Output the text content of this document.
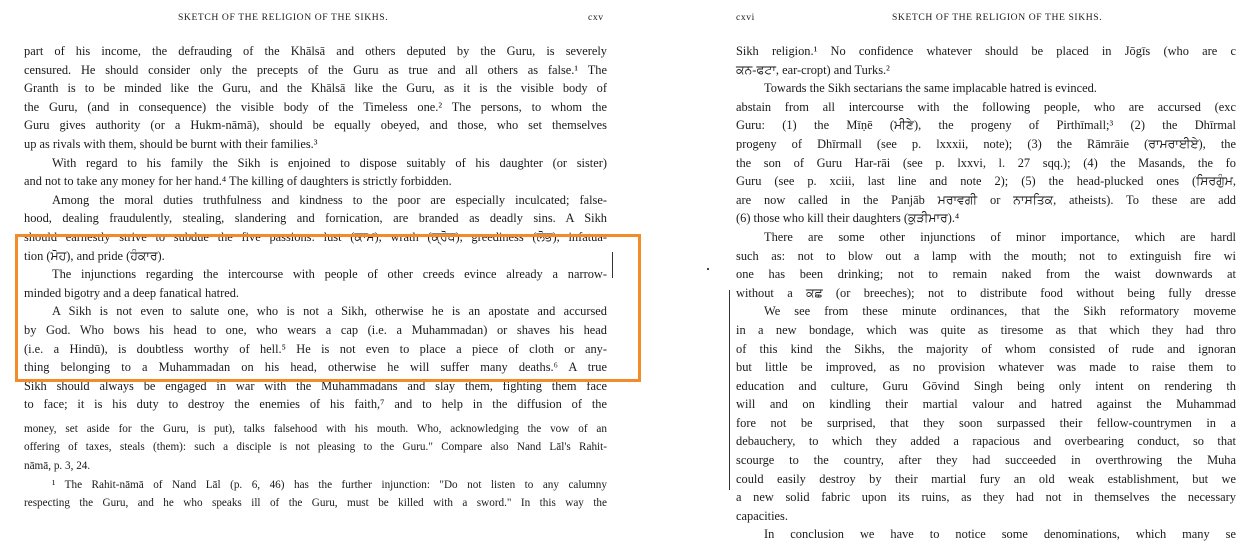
SKETCH OF THE RELIGION OF THE SIKHS.	cxv
part of his income, the defrauding of the Khālsā and others deputed by the Guru, is severely
censured. He should consider only the precepts of the Guru as true and all others as false.¹ The
Granth is to be minded like the Guru, and the Khālsā like the Guru, as it is the visible body of
the Guru, (and in consequence) the visible body of the Timeless one.² The persons, to whom the
Guru gives authority (or a Hukm-nāmā), should be equally obeyed, and those, who set themselves
up as rivals with them, should be burnt with their families.³
With regard to his family the Sikh is enjoined to dispose suitably of his daughter (or sister)
and not to take any money for her hand.⁴ The killing of daughters is strictly forbidden.
Among the moral duties truthfulness and kindness to the poor are especially inculcated; false-
hood, dealing fraudulently, stealing, slandering and fornication, are branded as deadly sins. A Sikh
should earnestly strive to subdue the five passions: lust (ਕਾਮ), wrath (ਕ੍ਰੋਧ), greediness (ਲੋਭ), infatua-
tion (ਮੋਹ), and pride (ਹੰਕਾਰ).
The injunctions regarding the intercourse with people of other creeds evince already a narrow-
minded bigotry and a deep fanatical hatred.
A Sikh is not even to salute one, who is not a Sikh, otherwise he is an apostate and accursed
by God. Who bows his head to one, who wears a cap (i.e. a Muhammadan) or shaves his head
(i.e. a Hindū), is doubtless worthy of hell.⁵ He is not even to place a piece of cloth or any-
thing belonging to a Muhammadan on his head, otherwise he will suffer many deaths.⁶ A true
Sikh should always be engaged in war with the Muhammadans and slay them, fighting them face
to face; it is his duty to destroy the enemies of his faith,⁷ and to help in the diffusion of the
money, set aside for the Guru, is put), talks falsehood with his mouth. Who, acknowledging the vow of an
offering of taxes, steals (them): such a disciple is not pleasing to the Guru." Compare also Nand Lāl's Rahit-
nāmā, p. 3, 24.
¹ The Rahit-nāmā of Nand Lāl (p. 6, 46) has the further injunction: "Do not listen to any calumny
respecting the Guru, and he who speaks ill of the Guru, must be killed with a sword." In this way the
cxvi	SKETCH OF THE RELIGION OF THE SIKHS.
Sikh religion.¹ No confidence whatever should be placed in Jōgīs (who are c
ਕਨ-ਫਟਾ, ear-cropt) and Turks.²
Towards the Sikh sectarians the same implacable hatred is evinced.
abstain from all intercourse with the following people, who are accursed (exc
Guru: (1) the Mīṇē (ਮੀਣੇ), the progeny of Pirthīmall;³ (2) the Dhīrmal
progeny of Dhīrmall (see p. lxxxii, note); (3) the Rāmrāie (ਰਾਮਰਾਈਏ), the
the son of Guru Har-rāi (see p. lxxvi, l. 27 sqq.); (4) the Masands, the fo
Guru (see p. xciii, last line and note 2); (5) the head-plucked ones (ਸਿਰਗੁੰਮ,
are now called in the Panjāb ਮਰਾਵਗੀ or ਨਾਸਤਿਕ, atheists). To these are add
(6) those who kill their daughters (ਕੁੜੀਮਾਰ).⁴
There are some other injunctions of minor importance, which are hardl
such as: not to blow out a lamp with the mouth; not to extinguish fire wi
one has been drinking; not to remain naked from the waist downwards at
without a ਕਛ (or breeches); not to distribute food without being fully dresse
We see from these minute ordinances, that the Sikh reformatory moveme
in a new bondage, which was quite as tiresome as that which they had thro
of this kind the Sikhs, the majority of whom consisted of rude and ignoran
but little be improved, as no provision whatever was made to raise them to
education and culture, Guru Gōvind Singh being only intent on rendering th
will and on kindling their martial valour and hatred against the Muhammad
fore not be surprised, that they soon surpassed their fellow-countrymen in a
debauchery, to which they added a rapacious and overbearing conduct, so that
scourge to the country, after they had succeeded in overthrowing the Muha
could easily destroy by their martial fury an old weak establishment, but we
a new solid fabric upon its ruins, as they had not in themselves the necessary
capacities.
In conclusion we have to notice some denominations, which many se
